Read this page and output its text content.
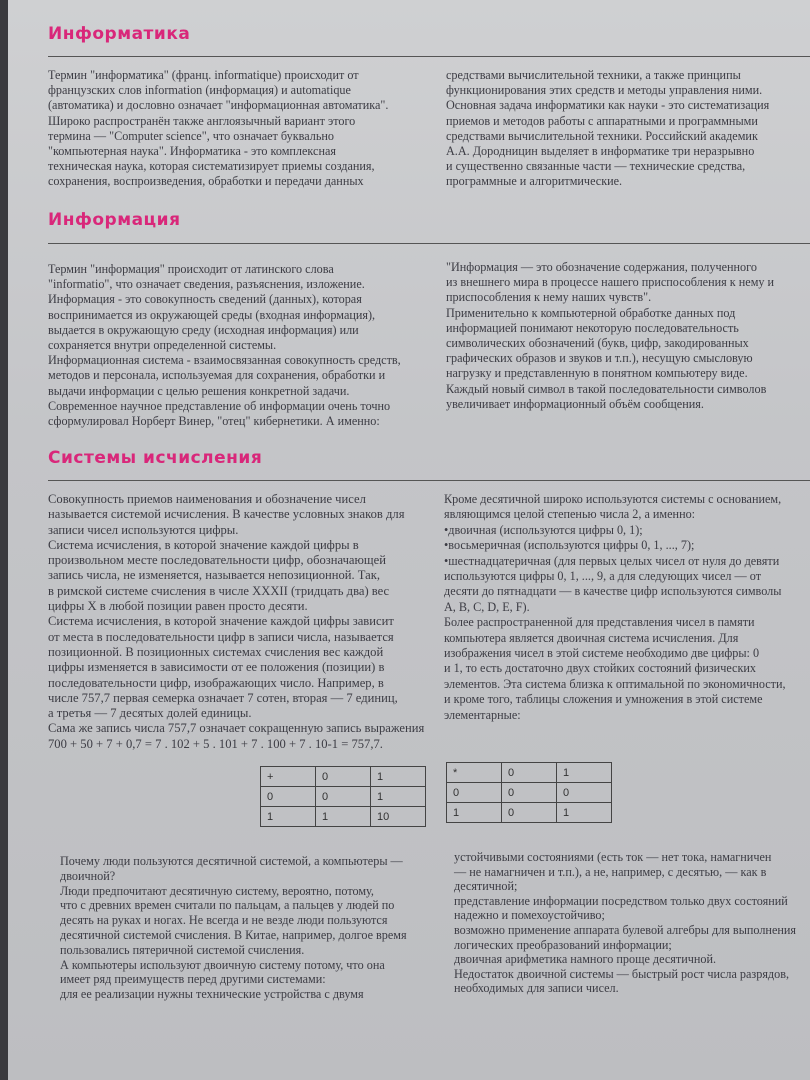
Информатика

Термин "информатика" (франц. informatique) происходит от

французских слов information (информация) и automatique

(автоматика) и дословно означает "информационная автоматика".

Широко распространён также англоязычный вариант этого

термина — "Computer science", что означает буквально

"компьютерная наука". Информатика - это комплексная

техническая наука, которая систематизирует приемы создания,

сохранения, воспроизведения, обработки и передачи данных

средствами вычислительной техники, а также принципы

функционирования этих средств и методы управления ними.

Основная задача информатики как науки - это систематизация

приемов и методов работы с аппаратными и программными

средствами вычислительной техники. Российский академик

А.А. Дородницин выделяет в информатике три неразрывно

и существенно связанные части — технические средства,

программные и алгоритмические.

Информация

Термин "информация" происходит от латинского слова

"informatio", что означает сведения, разъяснения, изложение.

Информация - это совокупность сведений (данных), которая

воспринимается из окружающей среды (входная информация),

выдается в окружающую среду (исходная информация) или

сохраняется внутри определенной системы.

Информационная система - взаимосвязанная совокупность средств,

методов и персонала, используемая для сохранения, обработки и

выдачи информации с целью решения конкретной задачи.

Современное научное представление об информации очень точно

сформулировал Норберт Винер, "отец" кибернетики. А именно:

"Информация — это обозначение содержания, полученного

из внешнего мира в процессе нашего приспособления к нему и

приспособления к нему наших чувств".

Применительно к компьютерной обработке данных под

информацией понимают некоторую последовательность

символических обозначений (букв, цифр, закодированных

графических образов и звуков и т.п.), несущую смысловую

нагрузку и представленную в понятном компьютеру виде.

Каждый новый символ в такой последовательности символов

увеличивает информационный объём сообщения.

Системы исчисления

Совокупность приемов наименования и обозначение чисел

называется системой исчисления. В качестве условных знаков для

записи чисел используются цифры.

Система исчисления, в которой значение каждой цифры в

произвольном месте последовательности цифр, обозначающей

запись числа, не изменяется, называется непозиционной. Так,

в римской системе счисления в числе XXXII (тридцать два) вес

цифры X в любой позиции равен просто десяти.

Система исчисления, в которой значение каждой цифры зависит

от места в последовательности цифр в записи числа, называется

позиционной. В позиционных системах счисления вес каждой

цифры изменяется в зависимости от ее положения (позиции) в

последовательности цифр, изображающих число. Например, в

числе 757,7 первая семерка означает 7 сотен, вторая — 7 единиц,

а третья — 7 десятых долей единицы.

Сама же запись числа 757,7 означает сокращенную запись выражения

700 + 50 + 7 + 0,7 = 7 . 102 + 5 . 101 + 7 . 100 + 7 . 10-1 = 757,7.

Кроме десятичной широко используются системы с основанием,

являющимся целой степенью числа 2, а именно:

•двоичная (используются цифры 0, 1);

•восьмеричная (используются цифры 0, 1, ..., 7);

•шестнадцатеричная (для первых целых чисел от нуля до девяти

используются цифры 0, 1, ..., 9, а для следующих чисел — от

десяти до пятнадцати — в качестве цифр используются символы

A, B, C, D, E, F).

Более распространенной для представления чисел в памяти

компьютера является двоичная система исчисления. Для

изображения чисел в этой системе необходимо две цифры: 0

и 1, то есть достаточно двух стойких состояний физических

элементов. Эта система близка к оптимальной по экономичности,

и кроме того, таблицы сложения и умножения в этой системе

элементарные:

+	0	1
0	0	1
1	1	10
*	0	1
0	0	0
1	0	1

Почему люди пользуются десятичной системой, а компьютеры —

двоичной?

Люди предпочитают десятичную систему, вероятно, потому,

что с древних времен считали по пальцам, а пальцев у людей по

десять на руках и ногах. Не всегда и не везде люди пользуются

десятичной системой счисления. В Китае, например, долгое время

пользовались пятеричной системой счисления.

А компьютеры используют двоичную систему потому, что она

имеет ряд преимуществ перед другими системами:

для ее реализации нужны технические устройства с двумя

устойчивыми состояниями (есть ток — нет тока, намагничен

— не намагничен и т.п.), а не, например, с десятью, — как в

десятичной;

представление информации посредством только двух состояний

надежно и помехоустойчиво;

возможно применение аппарата булевой алгебры для выполнения

логических преобразований информации;

двоичная арифметика намного проще десятичной.

Недостаток двоичной системы — быстрый рост числа разрядов,

необходимых для записи чисел.
